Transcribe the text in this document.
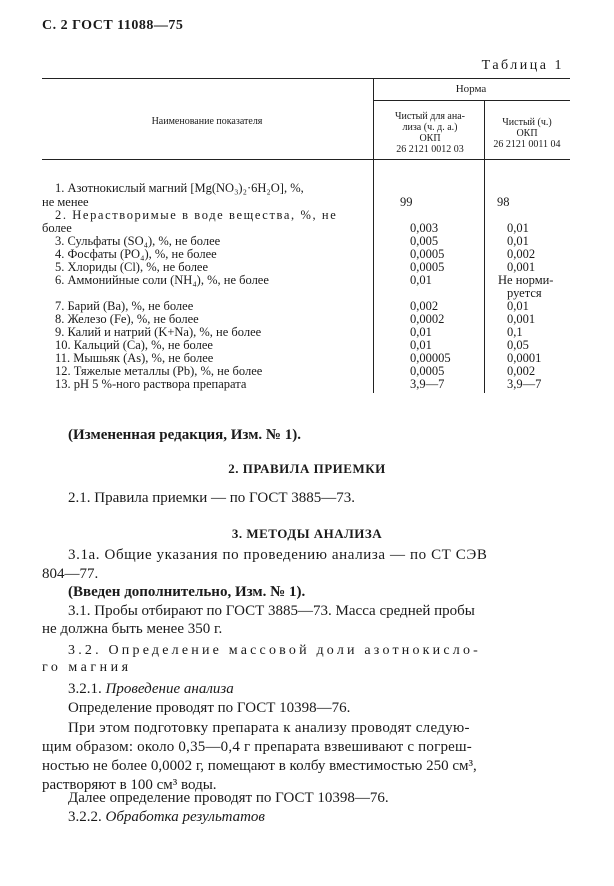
С. 2 ГОСТ 11088—75
Таблица 1
Наименование показателя
Норма
Чистый для ана-
лиза (ч. д. а.)
ОКП
26 2121 0012 03
Чистый (ч.)
ОКП
26 2121 0011 04
1. Азотнокислый магний [Mg(NO₃)₂·6H₂O], %,
не менее	99	98
2. Нерастворимые в воде вещества, %, не
более	0,003	0,01
3. Сульфаты (SO₄), %, не более	0,005	0,01
4. Фосфаты (PO₄), %, не более	0,0005	0,002
5. Хлориды (Cl), %, не более	0,0005	0,001
6. Аммонийные соли (NH₄), %, не более	0,01	Не норми-
руется
7. Барий (Ba), %, не более	0,002	0,01
8. Железо (Fe), %, не более	0,0002	0,001
9. Калий и натрий (K+Na), %, не более	0,01	0,1
10. Кальций (Ca), %, не более	0,01	0,05
11. Мышьяк (As), %, не более	0,00005	0,0001
12. Тяжелые металлы (Pb), %, не более	0,0005	0,002
13. pH 5 %-ного раствора препарата	3,9—7	3,9—7
(Измененная редакция, Изм. № 1).
2. ПРАВИЛА ПРИЕМКИ
2.1. Правила приемки — по ГОСТ 3885—73.
3. МЕТОДЫ АНАЛИЗА
3.1а. Общие указания по проведению анализа — по СТ СЭВ
804—77.
(Введен дополнительно, Изм. № 1).
3.1. Пробы отбирают по ГОСТ 3885—73. Масса средней пробы
не должна быть менее 350 г.
3.2. Определение массовой доли азотнокисло-
го магния
3.2.1. Проведение анализа
Определение проводят по ГОСТ 10398—76.
При этом подготовку препарата к анализу проводят следую-
щим образом: около 0,35—0,4 г препарата взвешивают с погреш-
ностью не более 0,0002 г, помещают в колбу вместимостью 250 см³,
растворяют в 100 см³ воды.
Далее определение проводят по ГОСТ 10398—76.
3.2.2. Обработка результатов
